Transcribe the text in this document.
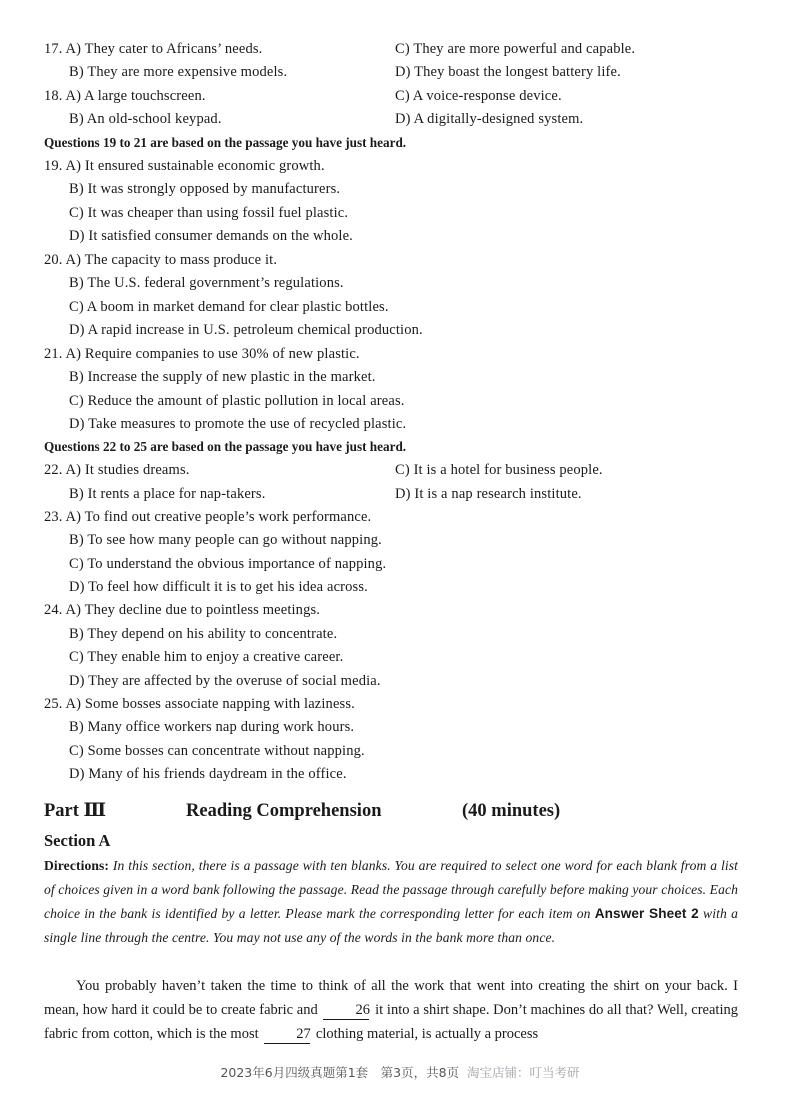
17. A) They cater to Africans’ needs.	C) They are more powerful and capable.
B) They are more expensive models.	D) They boast the longest battery life.
18. A) A large touchscreen.	C) A voice-response device.
B) An old-school keypad.	D) A digitally-designed system.
Questions 19 to 21 are based on the passage you have just heard.
19. A) It ensured sustainable economic growth.
B) It was strongly opposed by manufacturers.
C) It was cheaper than using fossil fuel plastic.
D) It satisfied consumer demands on the whole.
20. A) The capacity to mass produce it.
B) The U.S. federal government’s regulations.
C) A boom in market demand for clear plastic bottles.
D) A rapid increase in U.S. petroleum chemical production.
21. A) Require companies to use 30% of new plastic.
B) Increase the supply of new plastic in the market.
C) Reduce the amount of plastic pollution in local areas.
D) Take measures to promote the use of recycled plastic.
Questions 22 to 25 are based on the passage you have just heard.
22. A) It studies dreams.	C) It is a hotel for business people.
B) It rents a place for nap-takers.	D) It is a nap research institute.
23. A) To find out creative people’s work performance.
B) To see how many people can go without napping.
C) To understand the obvious importance of napping.
D) To feel how difficult it is to get his idea across.
24. A) They decline due to pointless meetings.
B) They depend on his ability to concentrate.
C) They enable him to enjoy a creative career.
D) They are affected by the overuse of social media.
25. A) Some bosses associate napping with laziness.
B) Many office workers nap during work hours.
C) Some bosses can concentrate without napping.
D) Many of his friends daydream in the office.
Part Ⅲ	Reading Comprehension	(40 minutes)
Section A
Directions: In this section, there is a passage with ten blanks. You are required to select one word for each blank from a list of choices given in a word bank following the passage. Read the passage through carefully before making your choices. Each choice in the bank is identified by a letter. Please mark the corresponding letter for each item on Answer Sheet 2 with a single line through the centre. You may not use any of the words in the bank more than once.
You probably haven’t taken the time to think of all the work that went into creating the shirt on your back. I mean, how hard it could be to create fabric and 26 it into a shirt shape. Don’t machines do all that? Well, creating fabric from cotton, which is the most 27 clothing material, is actually a process
2023年6月四级真题第1套　第3页，共8页 淘宝店铺：叮当考研
